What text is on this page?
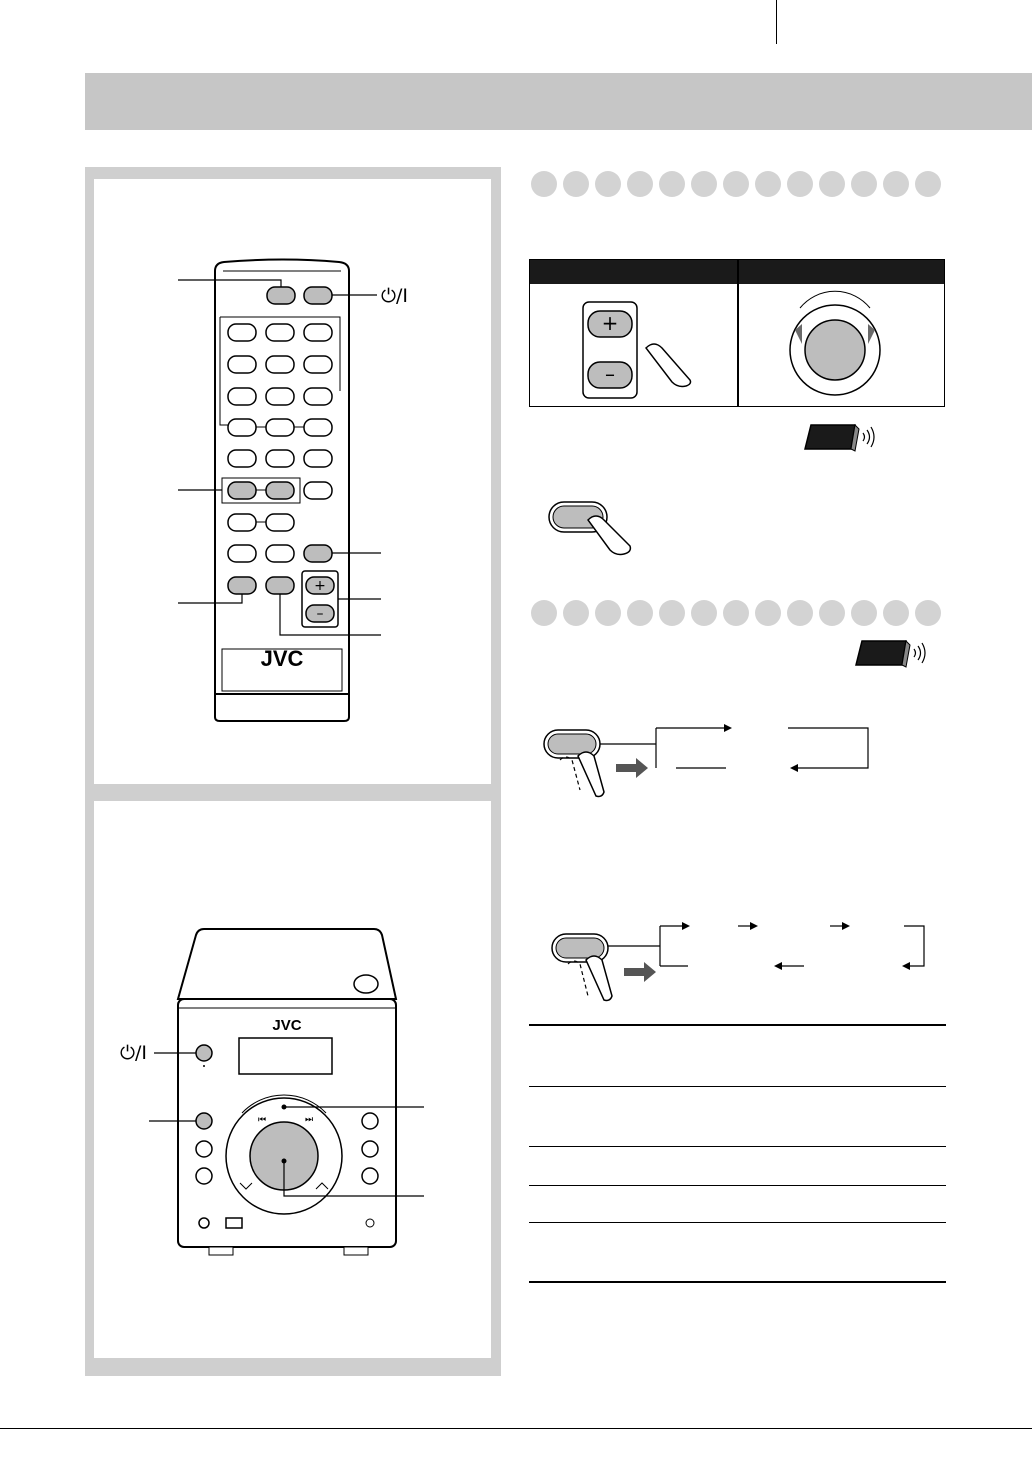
+
–
JVC
⏻/I
JVC
⏮	⏭
⏻/I
+
–
